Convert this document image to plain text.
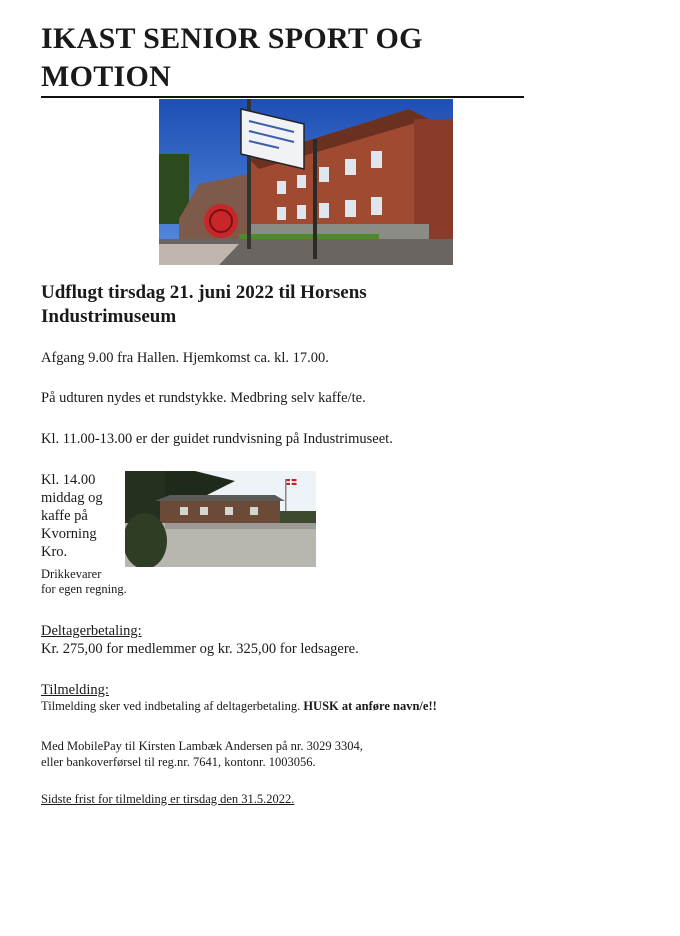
IKAST SENIOR SPORT OG
MOTION
Udflugt tirsdag 21. juni 2022 til Horsens
Industrimuseum
Afgang 9.00 fra Hallen. Hjemkomst ca. kl. 17.00.
På udturen nydes et rundstykke. Medbring selv kaffe/te.
Kl. 11.00-13.00 er der guidet rundvisning på Industrimuseet.
Kl. 14.00
middag og
kaffe på
Kvorning
Kro.
Drikkevarer
for egen regning.
Deltagerbetaling:
Kr. 275,00 for medlemmer og kr. 325,00 for ledsagere.
Tilmelding:
Tilmelding sker ved indbetaling af deltagerbetaling. HUSK at anføre navn/e!!
Med MobilePay til Kirsten Lambæk Andersen på nr. 3029 3304,
eller bankoverførsel til reg.nr. 7641, kontonr. 1003056.
Sidste frist for tilmelding er tirsdag den 31.5.2022.
